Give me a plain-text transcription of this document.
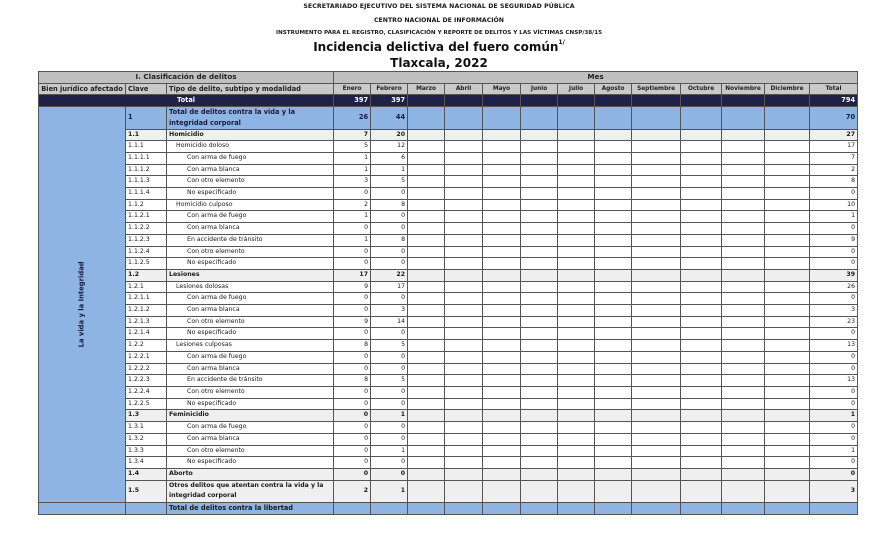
SECRETARIADO EJECUTIVO DEL SISTEMA NACIONAL DE SEGURIDAD PÚBLICA
CENTRO NACIONAL DE INFORMACIÓN
INSTRUMENTO PARA EL REGISTRO, CLASIFICACIÓN Y REPORTE DE DELITOS Y LAS VÍCTIMAS CNSP/38/15
Incidencia delictiva del fuero común$^{1/}$
Tlaxcala, 2022
I. Clasificación de delitos			Mes												
Bien jurídico afectado	Clave	Tipo de delito, subtipo y modalidad	Enero	Febrero	Marzo	Abril	Mayo	Junio	Julio	Agosto	Septiembre	Octubre	Noviembre	Diciembre	Total
Total			397	397											794
La vida y la Integridad	1	Total de delitos contra la vida y la integridad corporal	26	44											70
	1.1	Homicidio	7	20											27
	1.1.1	Homicidio doloso	5	12											17
	1.1.1.1	Con arma de fuego	1	6											7
	1.1.1.2	Con arma blanca	1	1											2
	1.1.1.3	Con otro elemento	3	5											8
	1.1.1.4	No especificado	0	0											0
	1.1.2	Homicidio culposo	2	8											10
	1.1.2.1	Con arma de fuego	1	0											1
	1.1.2.2	Con arma blanca	0	0											0
	1.1.2.3	En accidente de tránsito	1	8											9
	1.1.2.4	Con otro elemento	0	0											0
	1.1.2.5	No especificado	0	0											0
	1.2	Lesiones	17	22											39
	1.2.1	Lesiones dolosas	9	17											26
	1.2.1.1	Con arma de fuego	0	0											0
	1.2.1.2	Con arma blanca	0	3											3
	1.2.1.3	Con otro elemento	9	14											23
	1.2.1.4	No especificado	0	0											0
	1.2.2	Lesiones culposas	8	5											13
	1.2.2.1	Con arma de fuego	0	0											0
	1.2.2.2	Con arma blanca	0	0											0
	1.2.2.3	En accidente de tránsito	8	5											13
	1.2.2.4	Con otro elemento	0	0											0
	1.2.2.5	No especificado	0	0											0
	1.3	Feminicidio	0	1											1
	1.3.1	Con arma de fuego	0	0											0
	1.3.2	Con arma blanca	0	0											0
	1.3.3	Con otro elemento	0	1											1
	1.3.4	No especificado	0	0											0
	1.4	Aborto	0	0											0
	1.5	Otros delitos que atentan contra la vida y la integridad corporal	2	1											3
		Total de delitos contra la libertad													
